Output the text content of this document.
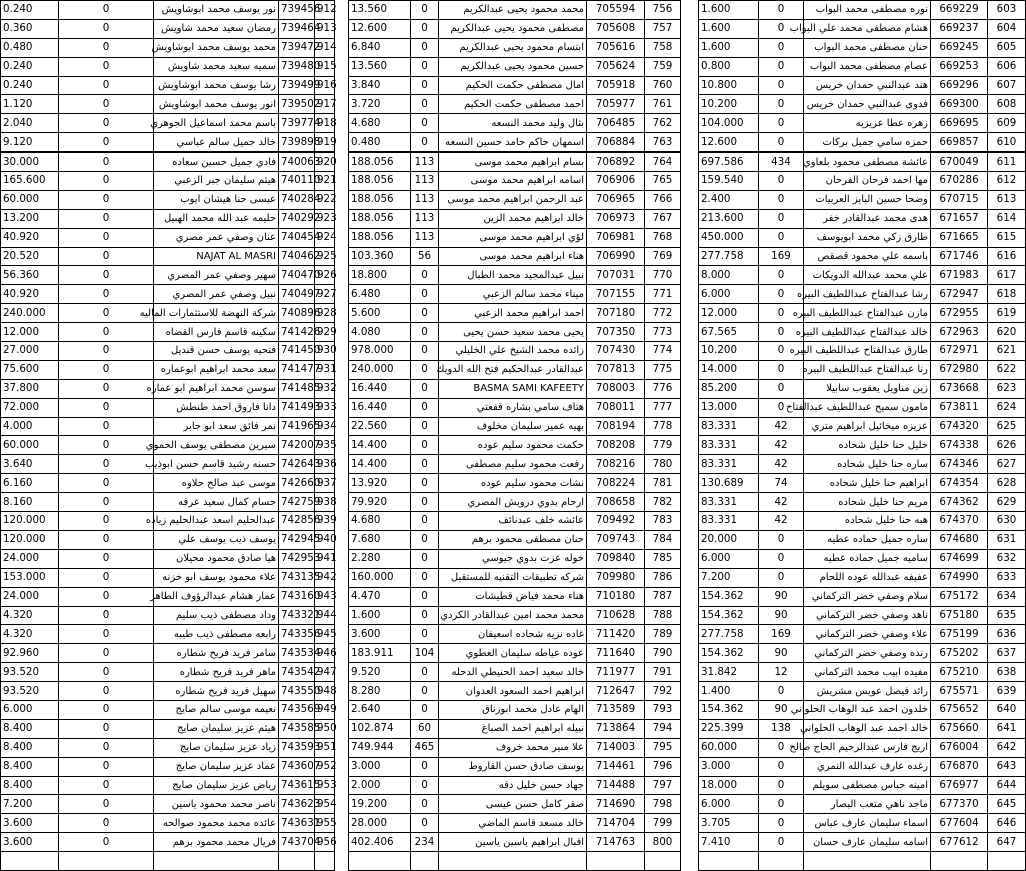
0.240	0	نور يوسف محمد ابوشاويش	739456	912
0.360	0	رمضان سعيد محمد شاويش	739464	913
0.480	0	محمد يوسف محمد ابوشاويش	739472	914
0.240	0	سميه سعيد محمد شاويش	739480	915
0.240	0	رشا يوسف محمد ابوشاويش	739499	916
1.120	0	انور يوسف محمد ابوشاويش	739502	917
2.040	0	باسم محمد اسماعيل الجوهري	739774	918
9.120	0	خالد جميل سالم عباسي	739898	919
30.000	0	فادي جميل حسين سعاده	740063	920
165.600	0	هيثم سليمان جبر الزعبي	740110	921
60.000	0	عيسى حنا هيشان ايوب	740284	922
13.200	0	حليمه عبد الله محمد الهبيل	740292	923
40.920	0	عنان وصفي عمر مصري	740454	924
20.520	0	NAJAT AL MASRI	740462	925
56.360	0	سهير وصفي عمر المصري	740470	926
40.920	0	نبيل وصفي عمر المصري	740497	927
240.000	0	شركة النهضة للاستثمارات الماليه	740896	928
12.000	0	سكينه قاسم فارس القضاه	741426	929
27.000	0	فتحيه يوسف حسن قنديل	741450	930
75.600	0	سعد محمد ابراهيم ابوعماره	741477	931
37.800	0	سوسن محمد ابراهيم ابو عماره	741485	932
72.000	0	دانا فاروق احمد طنطش	741493	933
4.000	0	نمر فائق سعد ابو جابر	741965	934
60.000	0	سيرين مصطفى يوسف الحموي	742007	935
3.640	0	حسنه رشيد قاسم حسن ابوذيب	742643	936
6.160	0	موسى عبد صالح حلاوه	742660	937
8.160	0	حسام كمال سعيد عرفه	742759	938
120.000	0	عبدالحليم اسعد عبدالحليم زياده	742856	939
120.000	0	يوسف ذيب يوسف علي	742945	940
24.000	0	هيا صادق محمود محيلان	742953	941
153.000	0	علاء محمود يوسف ابو خزنه	743135	942
24.000	0	عمار هشام عبدالرؤوف الطاهر	743160	943
4.320	0	وداد مصطفى ذيب سليم	743321	944
4.320	0	رابعه مصطفى ذيب طيبه	743356	945
92.960	0	سامر فريد فريح شطاره	743534	946
93.520	0	ماهر فريد فريح شطاره	743542	947
93.520	0	سهيل فريد فريح شطاره	743550	948
6.000	0	نعيمه موسى سالم صايج	743569	949
8.400	0	هيثم عزيز سليمان صايج	743585	950
8.400	0	زياد عزيز سليمان صايج	743593	951
8.400	0	عماد عزيز سليمان صايج	743607	952
8.400	0	رياض عزيز سليمان صايج	743615	953
7.200	0	ناصر محمد محمود ياسين	743623	954
3.600	0	عائده محمد محمود صوالحه	743631	955
3.600	0	فريال محمد محمود برهم	743704	956

13.560	0	محمد محمود يحيى عبدالكريم	705594	756
12.600	0	مصطفى محمود يحيى عبدالكريم	705608	757
6.840	0	ابتسام محمود يحيى عبدالكريم	705616	758
13.560	0	حسين محمود يحيى عبدالكريم	705624	759
3.840	0	امال مصطفى حكمت الحكيم	705918	760
3.720	0	احمد مصطفى حكمت الحكيم	705977	761
4.680	0	بثال وليد محمد النسعه	706485	762
0.480	0	اسمهان حاكم حامد حسين النسعه	706884	763
188.056	113	بسام ابراهيم محمد موسى	706892	764
188.056	113	اسامه ابراهيم محمد موسى	706906	765
188.056	113	عبد الرحمن ابراهيم محمد موسى	706965	766
188.056	113	خالد ابراهيم محمد الزين	706973	767
188.056	113	لؤي ابراهيم محمد موسى	706981	768
103.360	56	هناء ابراهيم محمد موسى	706990	769
18.800	0	نبيل عبدالمجيد محمد الطبال	707031	770
6.480	0	ميناء محمد سالم الزعبي	707155	771
5.600	0	احمد ابراهيم محمد الزعبي	707180	772
4.080	0	يحيى محمد سعيد حسن يحيى	707350	773
978.000	0	زائده محمد الشيخ علي الخليلي	707430	774
240.000	0	عبدالقادر عبدالحكيم فتح الله الدويك	707813	775
16.440	0	BASMA SAMI KAFEETY	708003	776
16.440	0	هتاف سامي بشاره قفعتي	708011	777
22.560	0	بهيه عمير سليمان مخلوف	708194	778
14.400	0	حكمت محمود سليم عوده	708208	779
14.400	0	رفعت محمود سليم مصطفى	708216	780
13.920	0	نشات محمود سليم عوده	708224	781
79.920	0	ارحام بدوي درويش المصري	708658	782
4.680	0	عائشه خلف عبدنائف	709492	783
7.680	0	حنان مصطفى محمود برهم	709743	784
2.280	0	خوله عزت بدوي جيوسي	709840	785
160.000	0	شركه تطبيقات التقنيه للمستقبل	709980	786
4.470	0	هناء محمد فياض قطيشات	710180	787
1.600	0	محمد محمد امين عبدالقادر الكردي	710628	788
3.600	0	غاده نزيه شحاده اسعيفان	711420	789
183.911	104	عوده عياطه سليمان العطوي	711640	790
9.520	0	خالد سعيد احمد الحنيطي الدحله	711977	791
8.280	0	ابراهيم احمد السعود العدوان	712647	792
2.640	0	الهام عادل محمد ابوزناق	713589	793
102.874	60	نبيله ابراهيم احمد الصباغ	713864	794
749.944	465	علا منير محمد خروف	714003	795
3.000	0	يوسف صادق حسن القاروط	714461	796
2.000	0	جهاد حسن خليل دقه	714488	797
19.200	0	صقر كامل حسن عيسى	714690	798
28.000	0	خالد مسعد قاسم الماضي	714704	799
402.406	234	اقبال ابراهيم ياسين ياسين	714763	800

1.600	0	نوره مصطفى محمد البواب	669229	603
1.600	0	هشام مصطفى محمد علي البواب	669237	604
1.600	0	حنان مصطفى محمد البواب	669245	605
0.800	0	عصام مصطفى محمد البواب	669253	606
10.800	0	هند عبدالنبي حمدان خريس	669296	607
10.200	0	فدوى عبدالنبي حمدان خريس	669300	608
104.000	0	زهره عطا عزيزيه	669695	609
12.600	0	حمزه سامي جميل بركات	669857	610
697.586	434	عائشة مصطفى محمود بلعاوي	670049	611
159.540	0	مها احمد فرحان الفرحان	670286	612
2.400	0	وضحا حسين البايز العربيات	670715	613
213.600	0	هدى محمد عبدالقادر خفر	671657	614
450.000	0	طارق زكي محمد ابويوسف	671665	615
277.758	169	باسمه علي محمود قصقص	671746	616
8.000	0	علي محمد عبدالله الدويكات	671983	617
6.000	0	رشا عبدالفتاح عبداللطيف البيره	672947	618
12.000	0	مازن عبدالفتاح عبداللطيف البيره	672955	619
67.565	0	خالد عبدالفتاح عبداللطيف البيره	672963	620
10.200	0	طارق عبدالفتاح عبداللطيف البيره	672971	621
14.000	0	رنا عبدالفتاح عبداللطيف البيره	672980	622
85.200	0	زين مناويل يعقوب سابيلا	673668	623
13.000	0	مامون سميح عبداللطيف عبدالفتاح	673811	624
83.331	42	عزيزه ميخائيل ابراهيم متري	674320	625
83.331	42	خليل حنا خليل شحاده	674338	626
83.331	42	ساره حنا خليل شحاده	674346	627
130.689	74	ابراهيم حنا خليل شحاده	674354	628
83.331	42	مريم حنا خليل شحاده	674362	629
83.331	42	هبه حنا خليل شحاده	674370	630
20.000	0	ساره جميل حماده عطيه	674680	631
6.000	0	ساميه جميل حماده عطيه	674699	632
7.200	0	عفيفه عبدالله عوده اللحام	674990	633
154.362	90	سلام وصفي خضر التركماني	675172	634
154.362	90	ناهد وصفي خضر التركماني	675180	635
277.758	169	علاء وصفي خضر التركماني	675199	636
154.362	90	رنده وصفي خضر التركماني	675202	637
31.842	12	مفيده ابيب محمد التركماني	675210	638
1.400	0	رائد فيصل عويس مشريش	675571	639
154.362	90	خلدون احمد عبد الوهاب الحلواني	675652	640
225.399	138	خالد احمد عبد الوهاب الحلواني	675660	641
60.000	0	اريج فارس عبدالرحيم الحاج صالح	676004	642
3.000	0	رغده عارف عبدالله النمري	676870	643
18.000	0	امينه حباس مصطفى سويلم	676977	644
6.000	0	ماجد ناهي متعب البصار	677370	645
3.705	0	اسماء سليمان عارف عباس	677604	646
7.410	0	اسامه سليمان عارف حسان	677612	647
